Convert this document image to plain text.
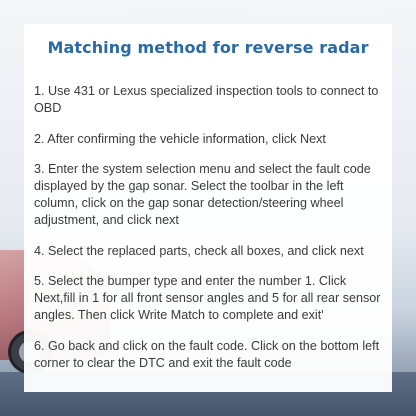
Matching method for reverse radar
1. Use 431 or Lexus specialized inspection tools to connect to OBD
2. After confirming the vehicle information, click Next
3. Enter the system selection menu and select the fault code displayed by the gap sonar. Select the toolbar in the left column, click on the gap sonar detection/steering wheel adjustment, and click next
4. Select the replaced parts, check all boxes, and click next
5. Select the bumper type and enter the number 1. Click Next,fill in 1 for all front sensor angles and 5 for all rear sensor angles. Then click Write Match to complete and exit'
6. Go back and click on the fault code. Click on the bottom left corner to clear the DTC and exit the fault code
